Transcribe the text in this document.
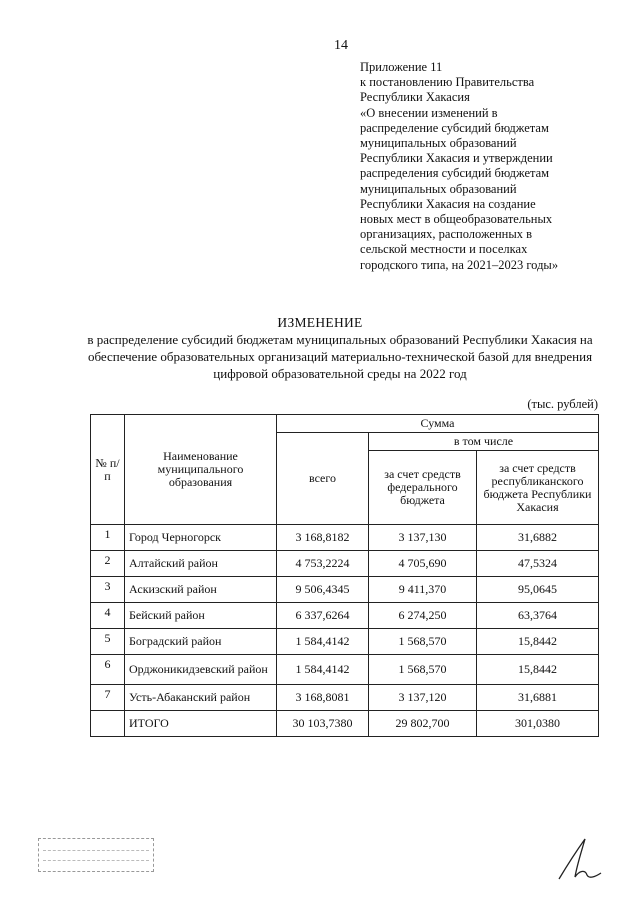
14
Приложение 11
к постановлению Правительства
Республики Хакасия
«О внесении изменений в
распределение субсидий бюджетам
муниципальных образований
Республики Хакасия и утверждении
распределения субсидий бюджетам
муниципальных образований
Республики Хакасия на создание
новых мест в общеобразовательных
организациях, расположенных в
сельской местности и поселках
городского типа, на 2021–2023 годы»
ИЗМЕНЕНИЕ
в распределение субсидий бюджетам муниципальных образований Республики Хакасия на обеспечение образовательных организаций материально-технической базой для внедрения цифровой образовательной среды на 2022 год
(тыс. рублей)
№ п/п	Наименование муниципального образования	Сумма		
		всего	в том числе	
			за счет средств федерального бюджета	за счет средств республиканского бюджета Республики Хакасия
1	Город Черногорск	3 168,8182	3 137,130	31,6882
2	Алтайский район	4 753,2224	4 705,690	47,5324
3	Аскизский район	9 506,4345	9 411,370	95,0645
4	Бейский район	6 337,6264	6 274,250	63,3764
5	Боградский район	1 584,4142	1 568,570	15,8442
6	Орджоникидзевский район	1 584,4142	1 568,570	15,8442
7	Усть-Абаканский район	3 168,8081	3 137,120	31,6881
	ИТОГО	30 103,7380	29 802,700	301,0380
